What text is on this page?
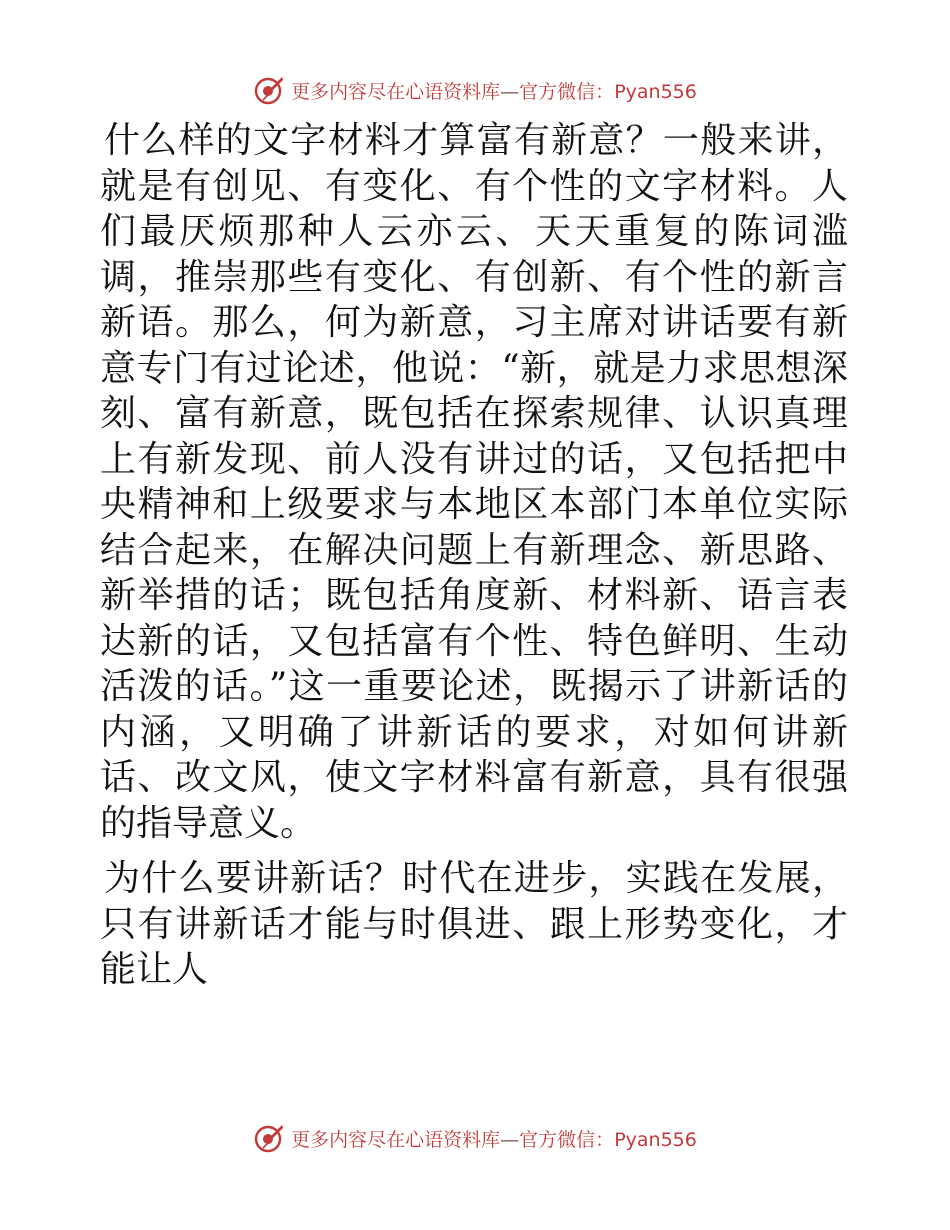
更多内容尽在心语资料库—官方微信：Pyan556

什么样的文字材料才算富有新意？一般来讲，就是有创见、有变化、有个性的文字材料。人们最厌烦那种人云亦云、天天重复的陈词滥调，推崇那些有变化、有创新、有个性的新言新语。那么，何为新意，习主席对讲话要有新意专门有过论述，他说：“新，就是力求思想深刻、富有新意，既包括在探索规律、认识真理上有新发现、前人没有讲过的话，又包括把中央精神和上级要求与本地区本部门本单位实际结合起来，在解决问题上有新理念、新思路、新举措的话；既包括角度新、材料新、语言表达新的话，又包括富有个性、特色鲜明、生动活泼的话。”这一重要论述，既揭示了讲新话的内涵，又明确了讲新话的要求，对如何讲新话、改文风，使文字材料富有新意，具有很强的指导意义。

为什么要讲新话？时代在进步，实践在发展，只有讲新话才能与时俱进、跟上形势变化，才能让人

更多内容尽在心语资料库—官方微信：Pyan556
